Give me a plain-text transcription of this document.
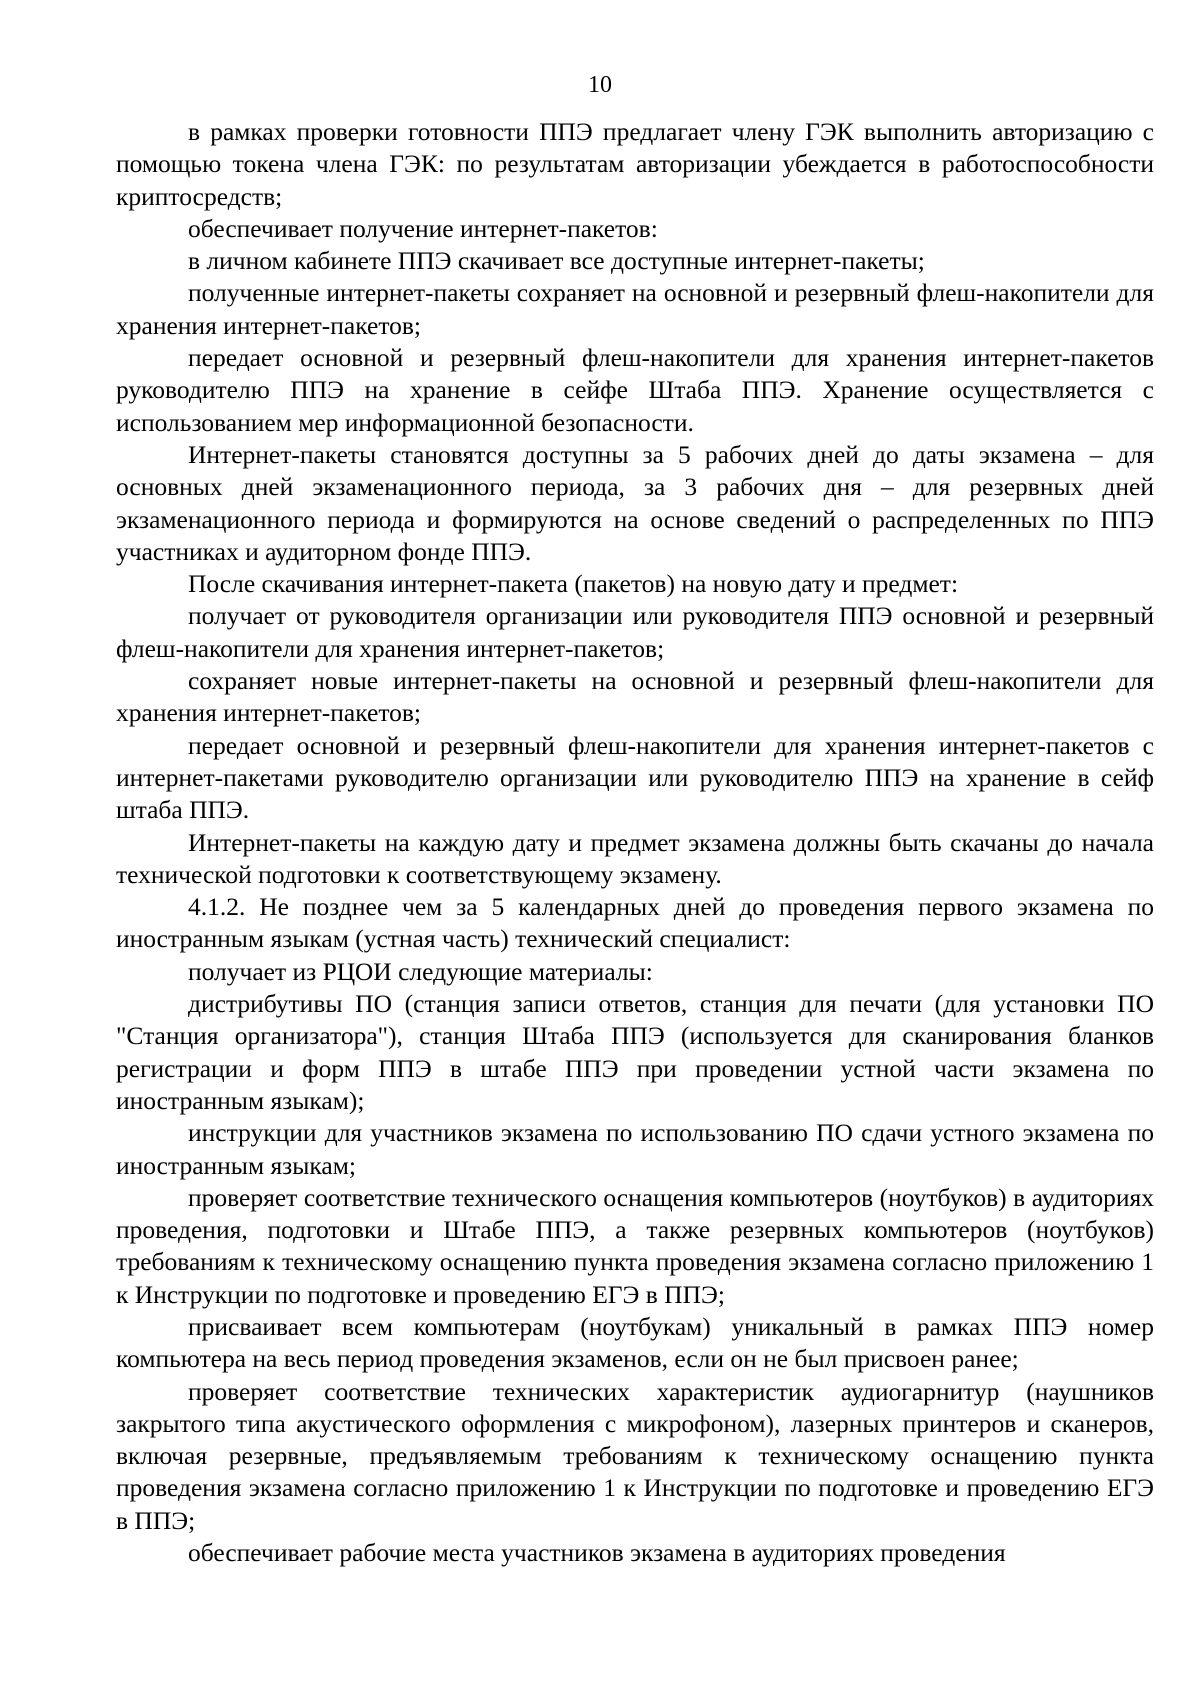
10

в рамках проверки готовности ППЭ предлагает члену ГЭК выполнить авторизацию с помощью токена члена ГЭК: по результатам авторизации убеждается в работоспособности криптосредств;

обеспечивает получение интернет-пакетов:

в личном кабинете ППЭ скачивает все доступные интернет-пакеты;

полученные интернет-пакеты сохраняет на основной и резервный флеш-накопители для хранения интернет-пакетов;

передает основной и резервный флеш-накопители для хранения интернет-пакетов руководителю ППЭ на хранение в сейфе Штаба ППЭ. Хранение осуществляется с использованием мер информационной безопасности.

Интернет-пакеты становятся доступны за 5 рабочих дней до даты экзамена – для основных дней экзаменационного периода, за 3 рабочих дня – для резервных дней экзаменационного периода и формируются на основе сведений о распределенных по ППЭ участниках и аудиторном фонде ППЭ.

После скачивания интернет-пакета (пакетов) на новую дату и предмет:

получает от руководителя организации или руководителя ППЭ основной и резервный флеш-накопители для хранения интернет-пакетов;

сохраняет новые интернет-пакеты на основной и резервный флеш-накопители для хранения интернет-пакетов;

передает основной и резервный флеш-накопители для хранения интернет-пакетов с интернет-пакетами руководителю организации или руководителю ППЭ на хранение в сейф штаба ППЭ.

Интернет-пакеты на каждую дату и предмет экзамена должны быть скачаны до начала технической подготовки к соответствующему экзамену.

4.1.2. Не позднее чем за 5 календарных дней до проведения первого экзамена по иностранным языкам (устная часть) технический специалист:

получает из РЦОИ следующие материалы:

дистрибутивы ПО (станция записи ответов, станция для печати (для установки ПО "Станция организатора"), станция Штаба ППЭ (используется для сканирования бланков регистрации и форм ППЭ в штабе ППЭ при проведении устной части экзамена по иностранным языкам);

инструкции для участников экзамена по использованию ПО сдачи устного экзамена по иностранным языкам;

проверяет соответствие технического оснащения компьютеров (ноутбуков) в аудиториях проведения, подготовки и Штабе ППЭ, а также резервных компьютеров (ноутбуков) требованиям к техническому оснащению пункта проведения экзамена согласно приложению 1 к Инструкции по подготовке и проведению ЕГЭ в ППЭ;

присваивает всем компьютерам (ноутбукам) уникальный в рамках ППЭ номер компьютера на весь период проведения экзаменов, если он не был присвоен ранее;

проверяет соответствие технических характеристик аудиогарнитур (наушников закрытого типа акустического оформления с микрофоном), лазерных принтеров и сканеров, включая резервные, предъявляемым требованиям к техническому оснащению пункта проведения экзамена согласно приложению 1 к Инструкции по подготовке и проведению ЕГЭ в ППЭ;

обеспечивает рабочие места участников экзамена в аудиториях проведения
